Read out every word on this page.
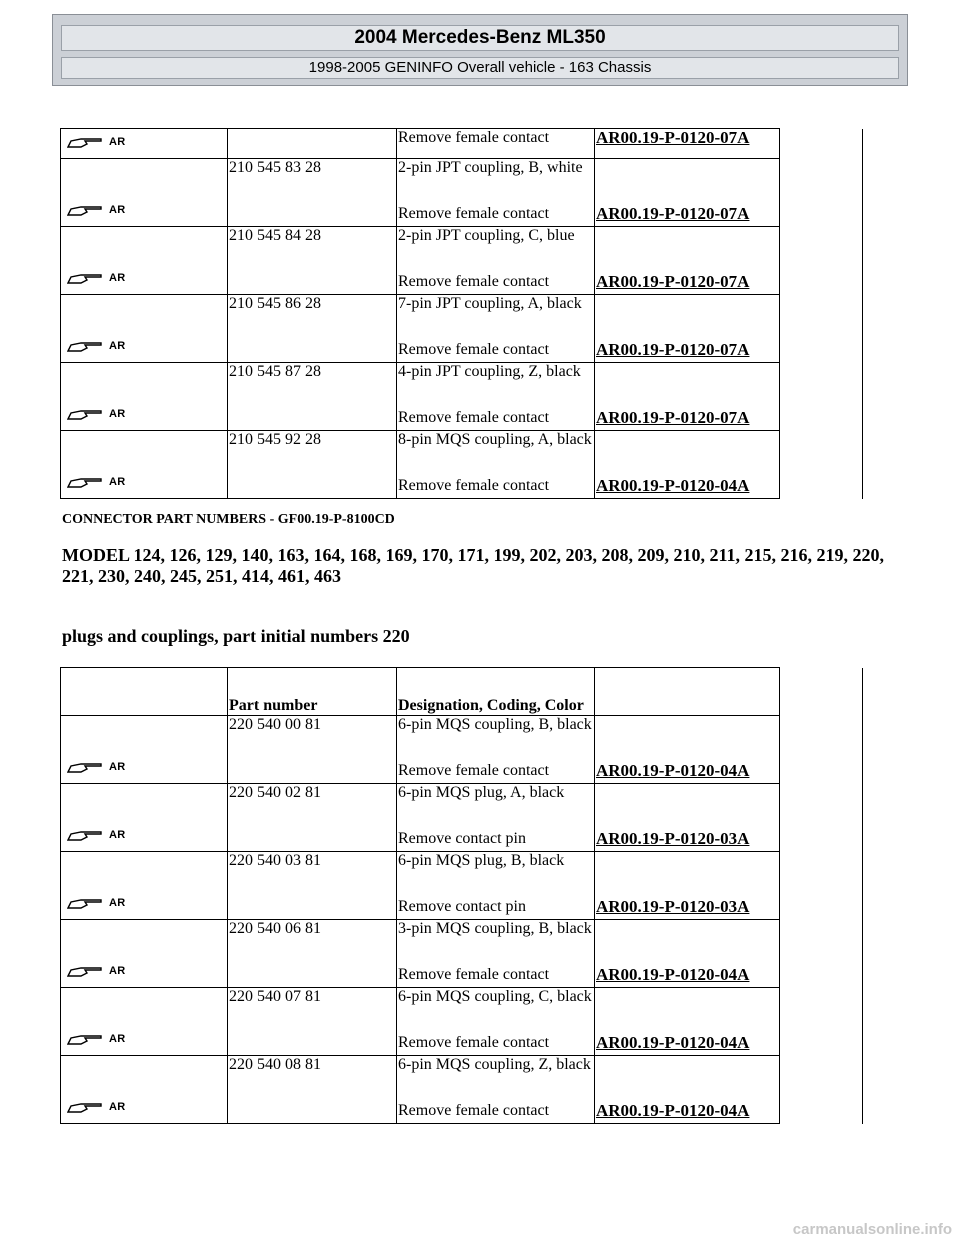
2004 Mercedes-Benz ML350
1998-2005 GENINFO Overall vehicle - 163 Chassis
AR		Remove female contact	AR00.19-P-0120-07A	

AR	210 545 83 28	2-pin JPT coupling, B, white		
		Remove female contact	AR00.19-P-0120-07A	

AR	210 545 84 28	2-pin JPT coupling, C, blue		
		Remove female contact	AR00.19-P-0120-07A	

AR	210 545 86 28	7-pin JPT coupling, A, black		
		Remove female contact	AR00.19-P-0120-07A	

AR	210 545 87 28	4-pin JPT coupling, Z, black		
		Remove female contact	AR00.19-P-0120-07A	

AR	210 545 92 28	8-pin MQS coupling, A, black		
		Remove female contact	AR00.19-P-0120-04A	
CONNECTOR PART NUMBERS - GF00.19-P-8100CD
MODEL 124, 126, 129, 140, 163, 164, 168, 169, 170, 171, 199, 202, 203, 208, 209, 210, 211, 215, 216, 219, 220, 221, 230, 240, 245, 251, 414, 461, 463
plugs and couplings, part initial numbers 220
	Part number	Designation, Coding, Color		

AR	220 540 00 81	6-pin MQS coupling, B, black		
		Remove female contact	AR00.19-P-0120-04A	

AR	220 540 02 81	6-pin MQS plug, A, black		
		Remove contact pin	AR00.19-P-0120-03A	

AR	220 540 03 81	6-pin MQS plug, B, black		
		Remove contact pin	AR00.19-P-0120-03A	

AR	220 540 06 81	3-pin MQS coupling, B, black		
		Remove female contact	AR00.19-P-0120-04A	

AR	220 540 07 81	6-pin MQS coupling, C, black		
		Remove female contact	AR00.19-P-0120-04A	

AR	220 540 08 81	6-pin MQS coupling, Z, black		
		Remove female contact	AR00.19-P-0120-04A	
carmanualsonline.info
